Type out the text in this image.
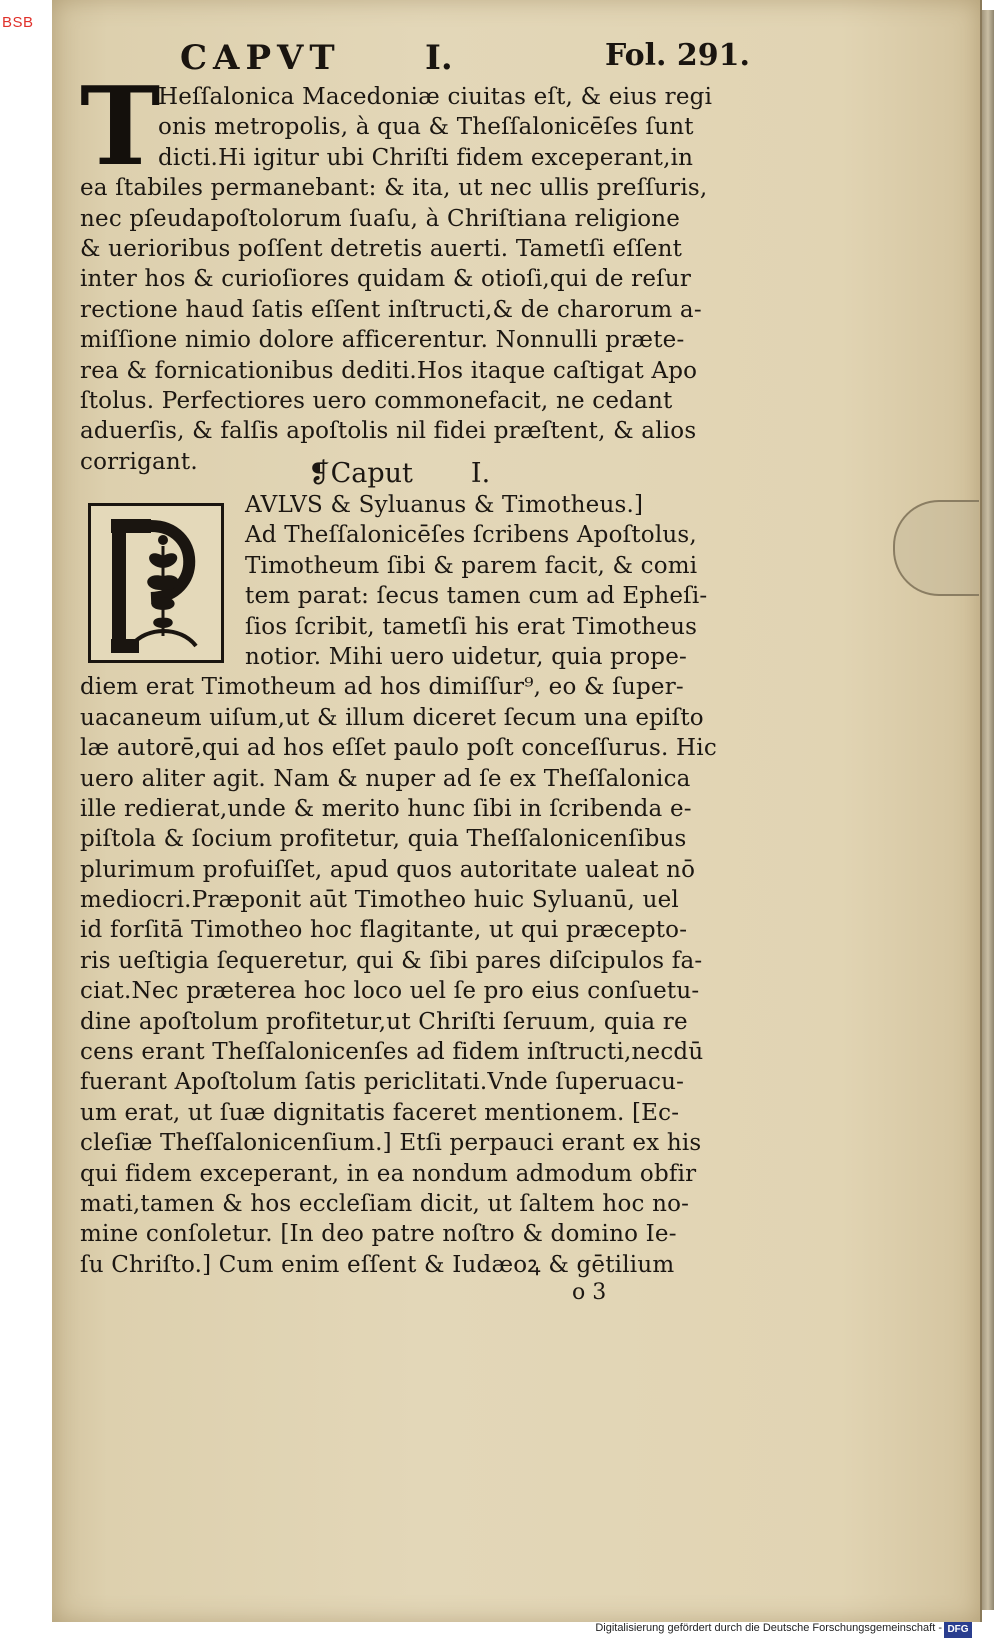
BSB
CAPVT I.	Fol. 291.
T
Heſſalonica Macedoniæ ciuitas eſt, & eius regi
onis metropolis, à qua & Theſſalonicēſes ſunt
dicti.Hi igitur ubi Chriſti fidem exceperant,in
ea ſtabiles permanebant: & ita, ut nec ullis preſſuris,
nec pſeudapoſtolorum ſuaſu, à Chriſtiana religione
& uerioribus poſſent detretis auerti. Tametſi eſſent
inter hos & curioſiores quidam & otioſi,qui de reſur
rectione haud ſatis eſſent inſtructi,& de charorum a-
miſſione nimio dolore afficerentur. Nonnulli præte-
rea & fornicationibus dediti.Hos itaque caſtigat Apo
ſtolus. Perfectiores uero commonefacit, ne cedant
aduerſis, & falſis apoſtolis nil fidei præſtent, & alios
corrigant.	❡Caput I.
AVLVS & Syluanus & Timotheus.]
Ad Theſſalonicēſes ſcribens Apoſtolus,
Timotheum ſibi & parem facit, & comi
tem parat: ſecus tamen cum ad Epheſi-
ſios ſcribit, tametſi his erat Timotheus
notior. Mihi uero uidetur, quia prope-
diem erat Timotheum ad hos dimiſſur⁹, eo & ſuper-
uacaneum uiſum,ut & illum diceret ſecum una epiſto
læ autorē,qui ad hos eſſet paulo poſt conceſſurus. Hic
uero aliter agit. Nam & nuper ad ſe ex Theſſalonica
ille redierat,unde & merito hunc ſibi in ſcribenda e-
piſtola & ſocium profitetur, quia Theſſalonicenſibus
plurimum profuiſſet, apud quos autoritate ualeat nō
mediocri.Præponit aūt Timotheo huic Syluanū, uel
id forſitā Timotheo hoc flagitante, ut qui præcepto-
ris ueſtigia ſequeretur, qui & ſibi pares diſcipulos fa-
ciat.Nec præterea hoc loco uel ſe pro eius conſuetu-
dine apoſtolum profitetur,ut Chriſti ſeruum, quia re
cens erant Theſſalonicenſes ad fidem inſtructi,necdū
fuerant Apoſtolum ſatis periclitati.Vnde ſuperuacu-
um erat, ut ſuæ dignitatis faceret mentionem. [Ec-
cleſiæ Theſſalonicenſium.] Etſi perpauci erant ex his
qui fidem exceperant, in ea nondum admodum obfir
mati,tamen & hos eccleſiam dicit, ut ſaltem hoc no-
mine conſoletur. [In deo patre noſtro & domino Ie-
ſu Chriſto.] Cum enim eſſent & Iudæoꝝ & gētilium
o 3
Digitalisierung gefördert durch die Deutsche Forschungsgemeinschaft - DFG
